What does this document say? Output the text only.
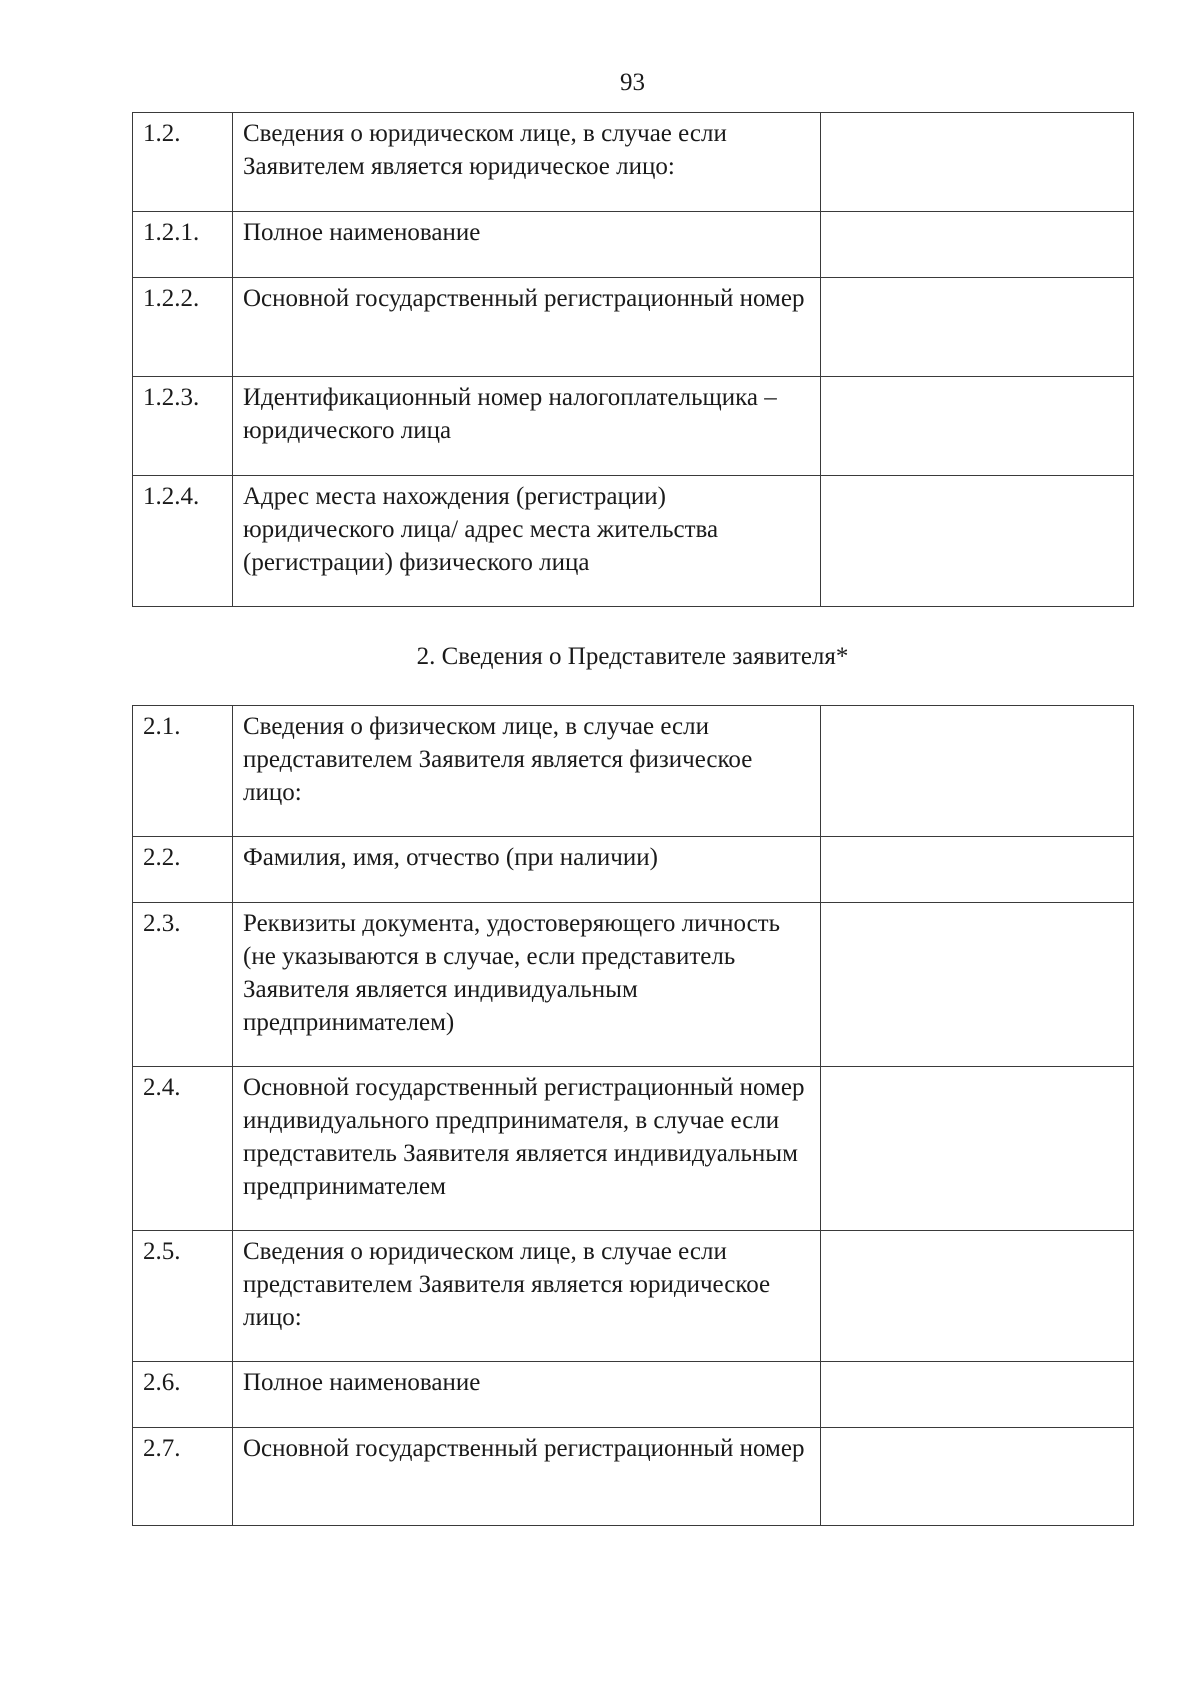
93
1.2.	Сведения о юридическом лице, в случае если Заявителем является юридическое лицо:	
1.2.1.	Полное наименование	
1.2.2.	Основной государственный регистрационный номер	
1.2.3.	Идентификационный номер налогоплательщика – юридического лица	
1.2.4.	Адрес места нахождения (регистрации) юридического лица/ адрес места жительства (регистрации) физического лица	
2. Сведения о Представителе заявителя*
2.1.	Сведения о физическом лице, в случае если представителем Заявителя является физическое лицо:	
2.2.	Фамилия, имя, отчество (при наличии)	
2.3.	Реквизиты документа, удостоверяющего личность (не указываются в случае, если представитель Заявителя является индивидуальным предпринимателем)	
2.4.	Основной государственный регистрационный номер индивидуального предпринимателя, в случае если представитель Заявителя является индивидуальным предпринимателем	
2.5.	Сведения о юридическом лице, в случае если представителем Заявителя является юридическое лицо:	
2.6.	Полное наименование	
2.7.	Основной государственный регистрационный номер	
